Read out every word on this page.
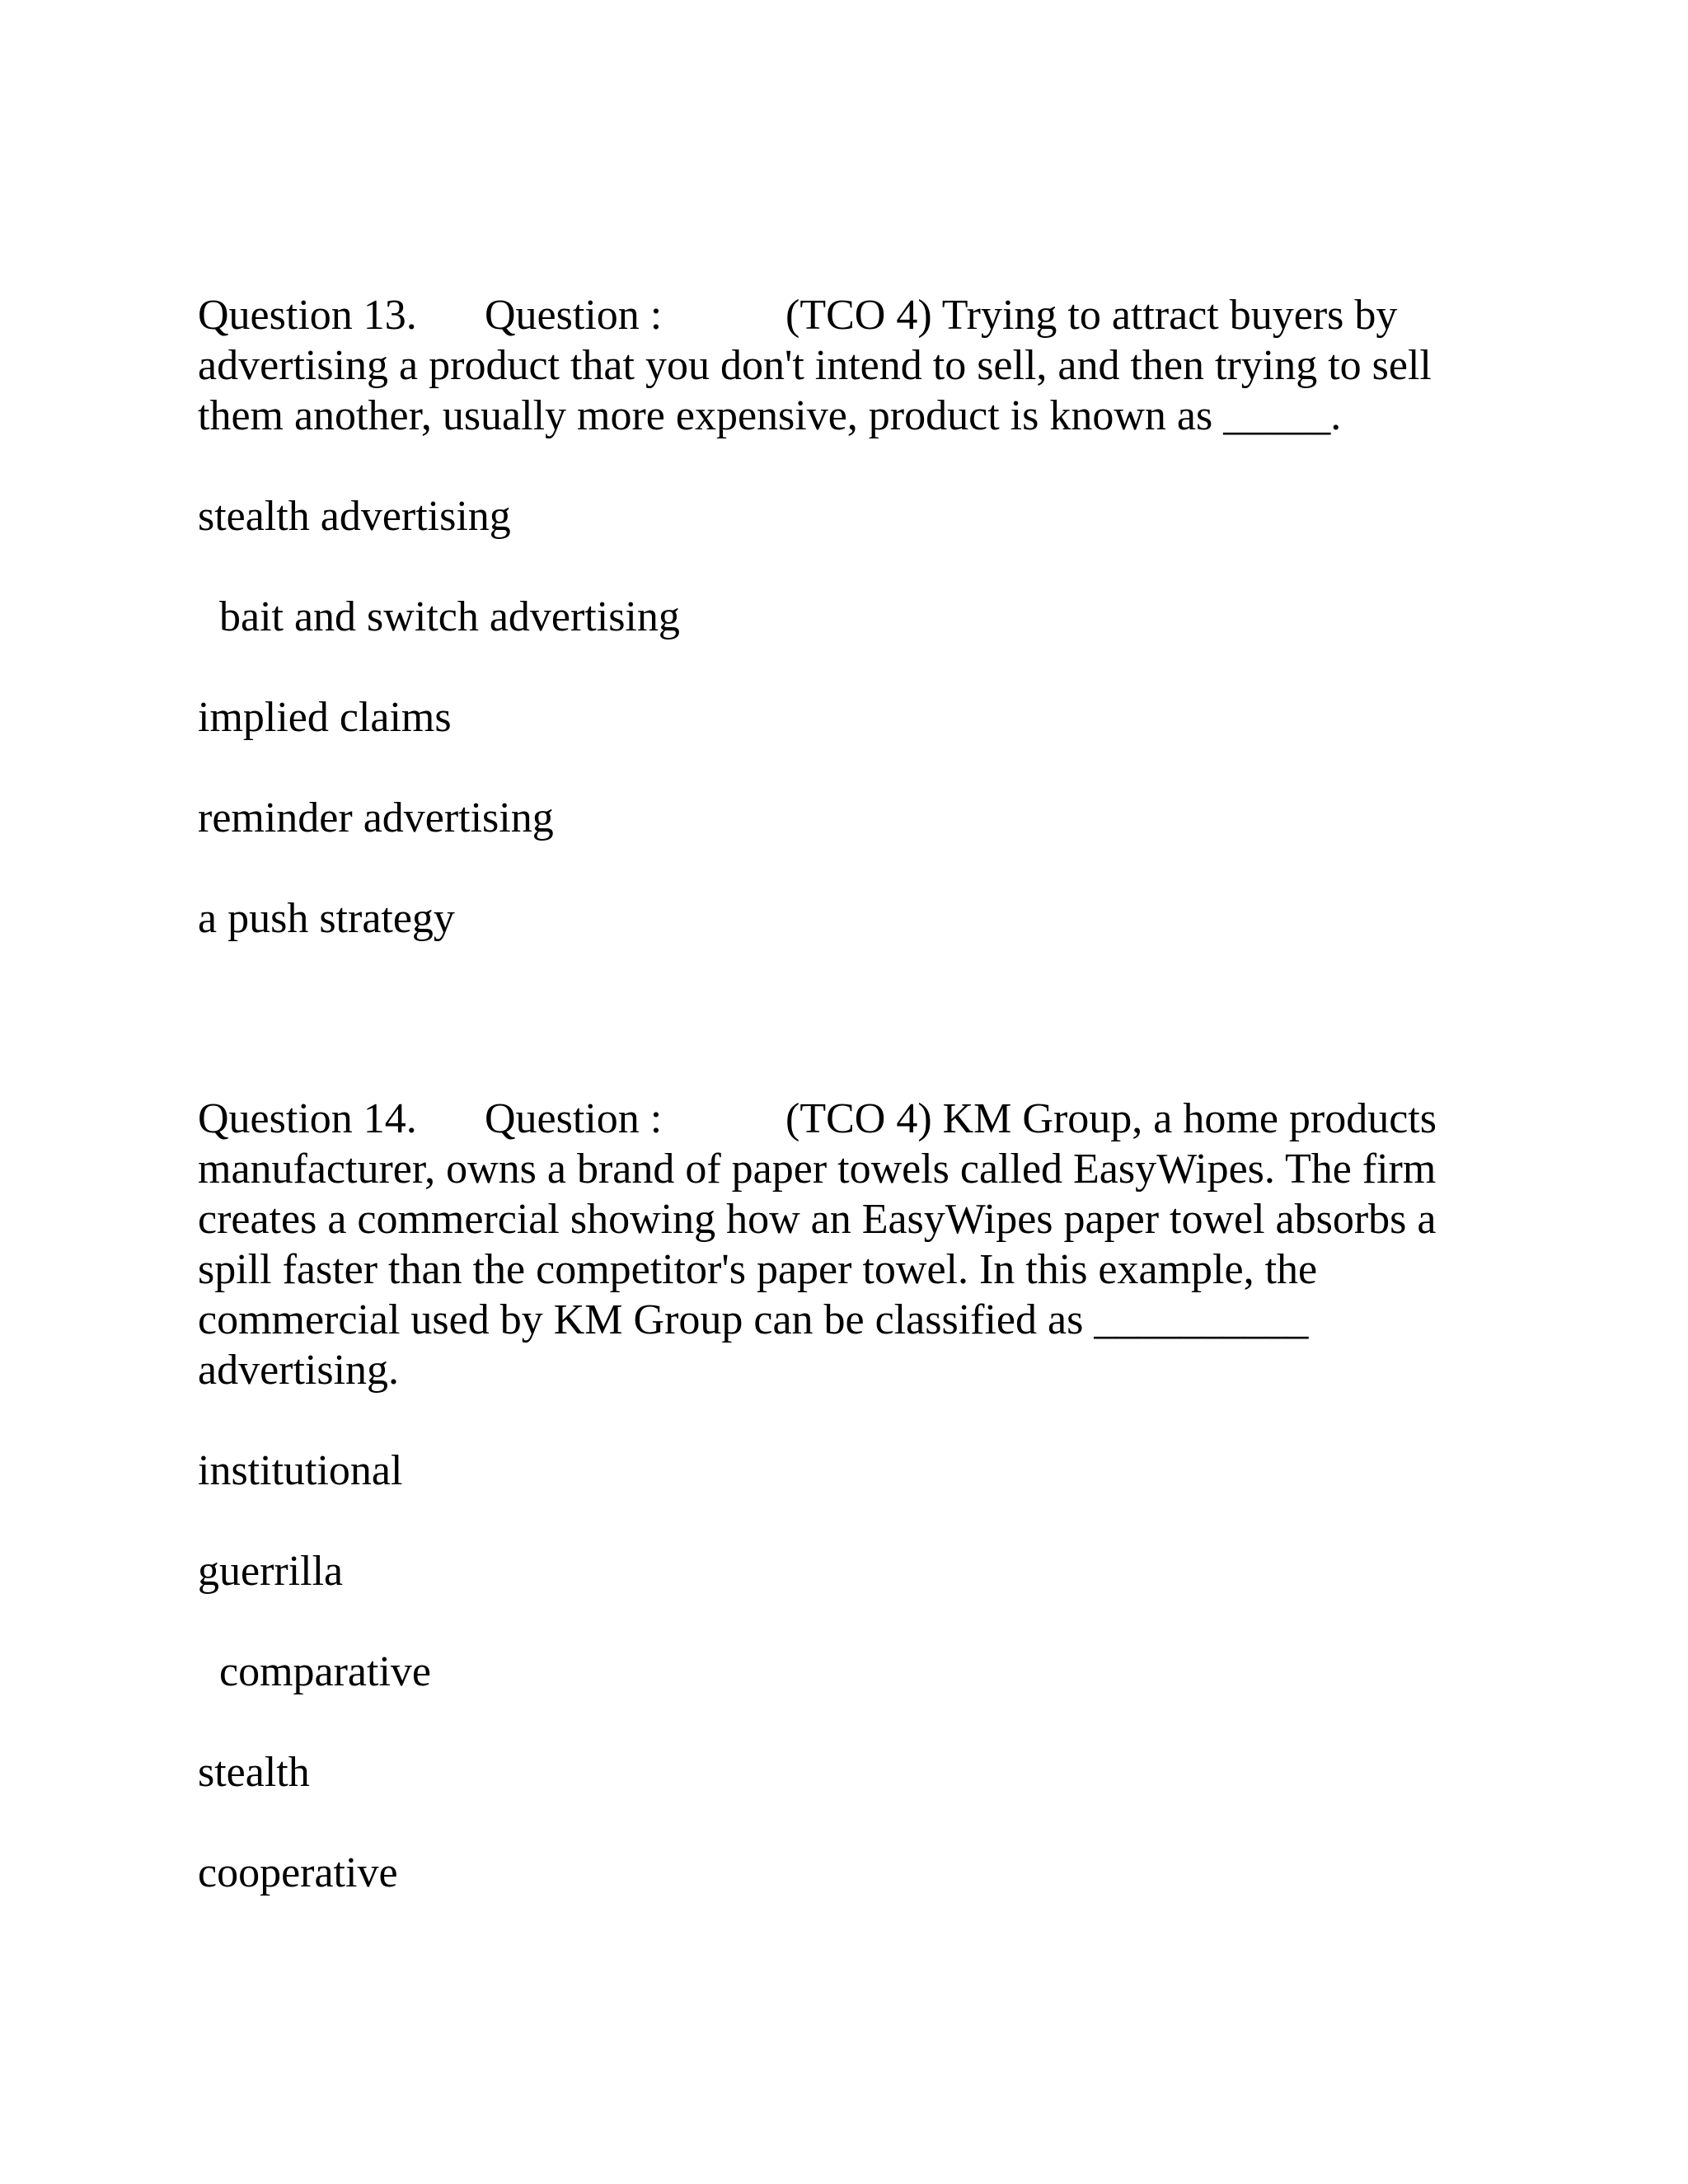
Question 13. Question :	(TCO 4) Trying to attract buyers by
advertising a product that you don't intend to sell, and then trying to sell
them another, usually more expensive, product is known as _____.

stealth advertising
bait and switch advertising
implied claims
reminder advertising
a push strategy

Question 14. Question :	(TCO 4) KM Group, a home products
manufacturer, owns a brand of paper towels called EasyWipes. The firm
creates a commercial showing how an EasyWipes paper towel absorbs a
spill faster than the competitor's paper towel. In this example, the
commercial used by KM Group can be classified as __________
advertising.

institutional
guerrilla
comparative
stealth
cooperative
